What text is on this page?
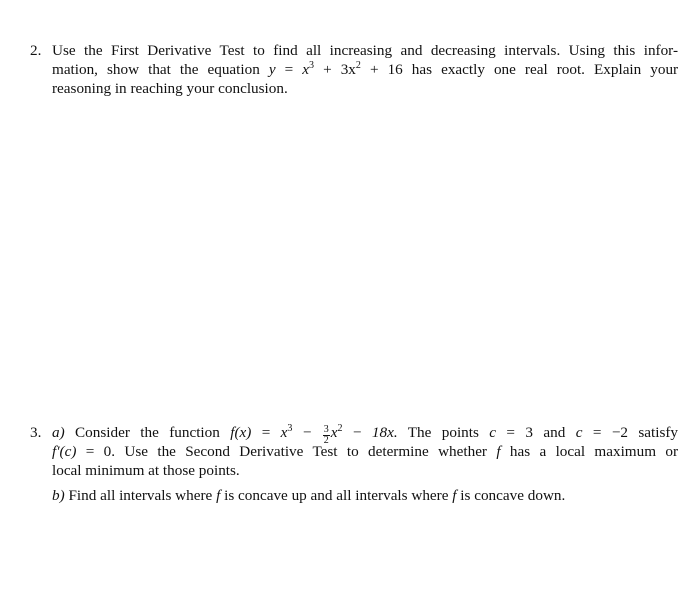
2. Use the First Derivative Test to find all increasing and decreasing intervals. Using this infor-
mation, show that the equation $y = x^3 + 3x^2 + 16$ has exactly one real root. Explain your
reasoning in reaching your conclusion.
3. a) Consider the function $f(x) = x^3 - \frac{3}{2} x^2 - 18x$. The points c = 3 and c = −2 satisfy
f′(c) = 0. Use the Second Derivative Test to determine whether f has a local maximum or
local minimum at those points.
b) Find all intervals where f is concave up and all intervals where f is concave down.
